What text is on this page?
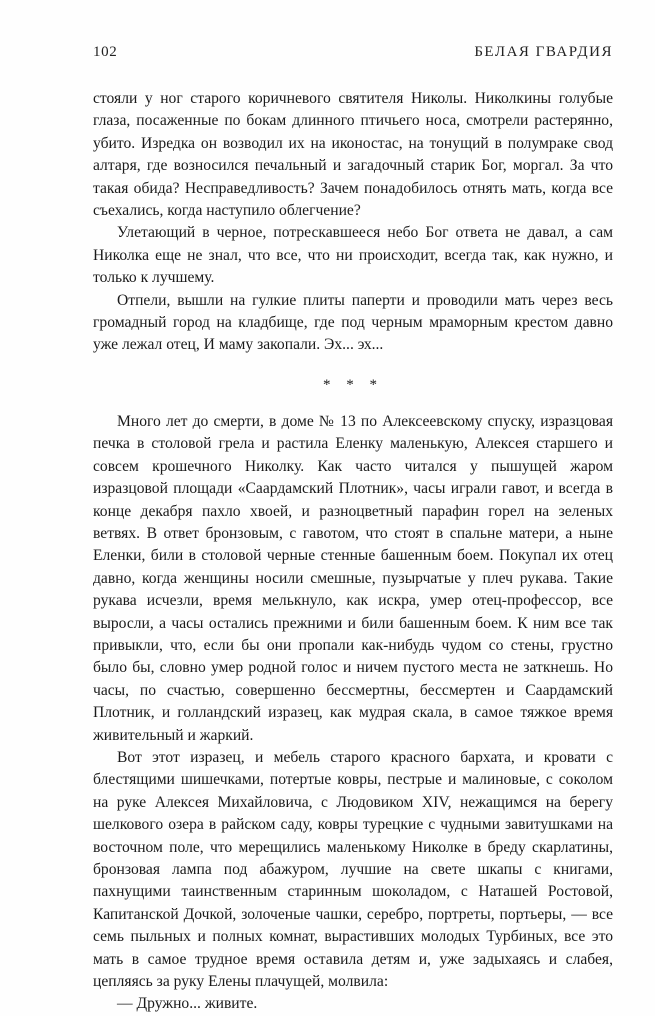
102	БЕЛАЯ ГВАРДИЯ

стояли у ног старого коричневого святителя Николы. Николкины голубые глаза, посаженные по бокам длинного птичьего носа, смотрели растерянно, убито. Изредка он возводил их на иконостас, на тонущий в полумраке свод алтаря, где возносился печальный и загадочный старик Бог, моргал. За что такая обида? Несправедливость? Зачем понадобилось отнять мать, когда все съехались, когда наступило облегчение?

Улетающий в черное, потрескавшееся небо Бог ответа не давал, а сам Николка еще не знал, что все, что ни происходит, всегда так, как нужно, и только к лучшему.

Отпели, вышли на гулкие плиты паперти и проводили мать через весь громадный город на кладбище, где под черным мраморным крестом давно уже лежал отец, И маму закопали. Эх... эх...

* * *

Много лет до смерти, в доме № 13 по Алексеевскому спуску, изразцовая печка в столовой грела и растила Еленку маленькую, Алексея старшего и совсем крошечного Николку. Как часто читался у пышущей жаром изразцовой площади «Саардамский Плотник», часы играли гавот, и всегда в конце декабря пахло хвоей, и разноцветный парафин горел на зеленых ветвях. В ответ бронзовым, с гавотом, что стоят в спальне матери, а ныне Еленки, били в столовой черные стенные башенным боем. Покупал их отец давно, когда женщины носили смешные, пузырчатые у плеч рукава. Такие рукава исчезли, время мелькнуло, как искра, умер отец-профессор, все выросли, а часы остались прежними и били башенным боем. К ним все так привыкли, что, если бы они пропали как-нибудь чудом со стены, грустно было бы, словно умер родной голос и ничем пустого места не заткнешь. Но часы, по счастью, совершенно бессмертны, бессмертен и Саардамский Плотник, и голландский изразец, как мудрая скала, в самое тяжкое время живительный и жаркий.

Вот этот изразец, и мебель старого красного бархата, и кровати с блестящими шишечками, потертые ковры, пестрые и малиновые, с соколом на руке Алексея Михайловича, с Людовиком XIV, нежащимся на берегу шелкового озера в райском саду, ковры турецкие с чудными завитушками на восточном поле, что мерещились маленькому Николке в бреду скарлатины, бронзовая лампа под абажуром, лучшие на свете шкапы с книгами, пахнущими таинственным старинным шоколадом, с Наташей Ростовой, Капитанской Дочкой, золоченые чашки, серебро, портреты, портьеры, — все семь пыльных и полных комнат, вырастивших молодых Турбиных, все это мать в самое трудное время оставила детям и, уже задыхаясь и слабея, цепляясь за руку Елены плачущей, молвила:

— Дружно... живите.
